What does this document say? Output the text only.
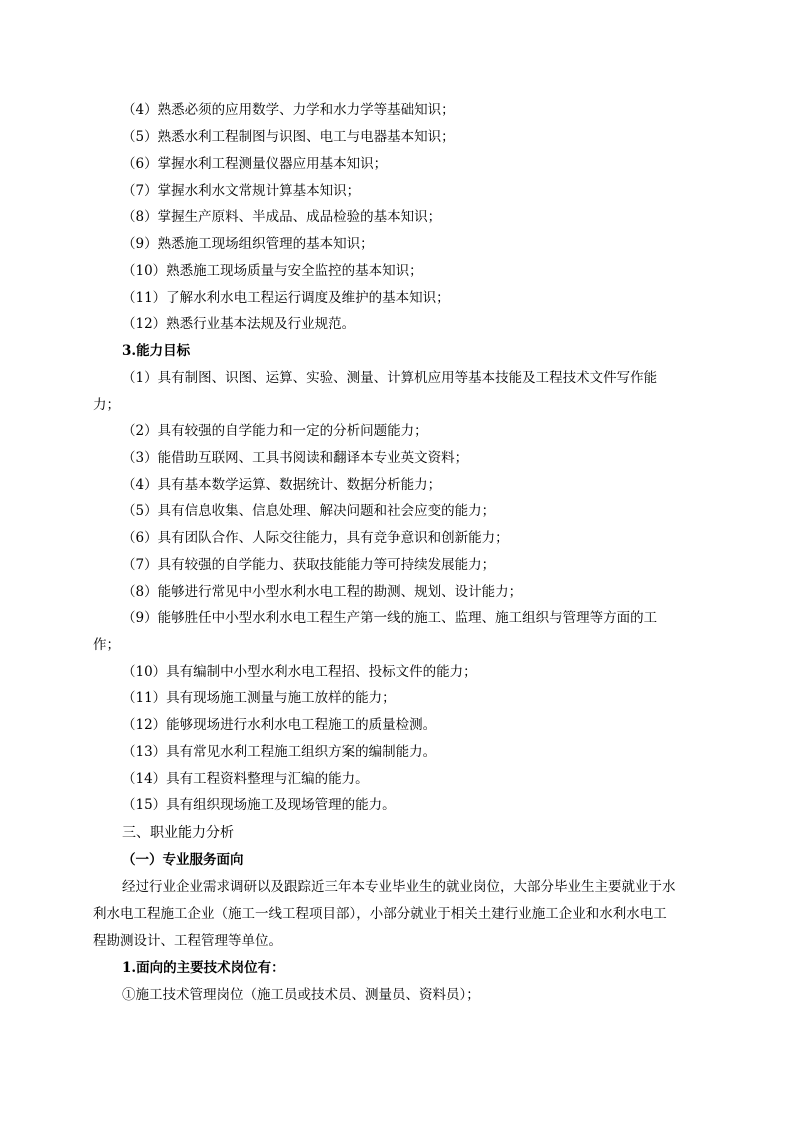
（4）熟悉必须的应用数学、力学和水力学等基础知识；
（5）熟悉水利工程制图与识图、电工与电器基本知识；
（6）掌握水利工程测量仪器应用基本知识；
（7）掌握水利水文常规计算基本知识；
（8）掌握生产原料、半成品、成品检验的基本知识；
（9）熟悉施工现场组织管理的基本知识；
（10）熟悉施工现场质量与安全监控的基本知识；
（11）了解水利水电工程运行调度及维护的基本知识；
（12）熟悉行业基本法规及行业规范。
3.能力目标
（1）具有制图、识图、运算、实验、测量、计算机应用等基本技能及工程技术文件写作能
力；
（2）具有较强的自学能力和一定的分析问题能力；
（3）能借助互联网、工具书阅读和翻译本专业英文资料；
（4）具有基本数学运算、数据统计、数据分析能力；
（5）具有信息收集、信息处理、解决问题和社会应变的能力；
（6）具有团队合作、人际交往能力，具有竞争意识和创新能力；
（7）具有较强的自学能力、获取技能能力等可持续发展能力；
（8）能够进行常见中小型水利水电工程的勘测、规划、设计能力；
（9）能够胜任中小型水利水电工程生产第一线的施工、监理、施工组织与管理等方面的工
作；
（10）具有编制中小型水利水电工程招、投标文件的能力；
（11）具有现场施工测量与施工放样的能力；
（12）能够现场进行水利水电工程施工的质量检测。
（13）具有常见水利工程施工组织方案的编制能力。
（14）具有工程资料整理与汇编的能力。
（15）具有组织现场施工及现场管理的能力。
三、职业能力分析
（一）专业服务面向
经过行业企业需求调研以及跟踪近三年本专业毕业生的就业岗位，大部分毕业生主要就业于水
利水电工程施工企业（施工一线工程项目部），小部分就业于相关土建行业施工企业和水利水电工
程勘测设计、工程管理等单位。
1.面向的主要技术岗位有：
①施工技术管理岗位（施工员或技术员、测量员、资料员）；
